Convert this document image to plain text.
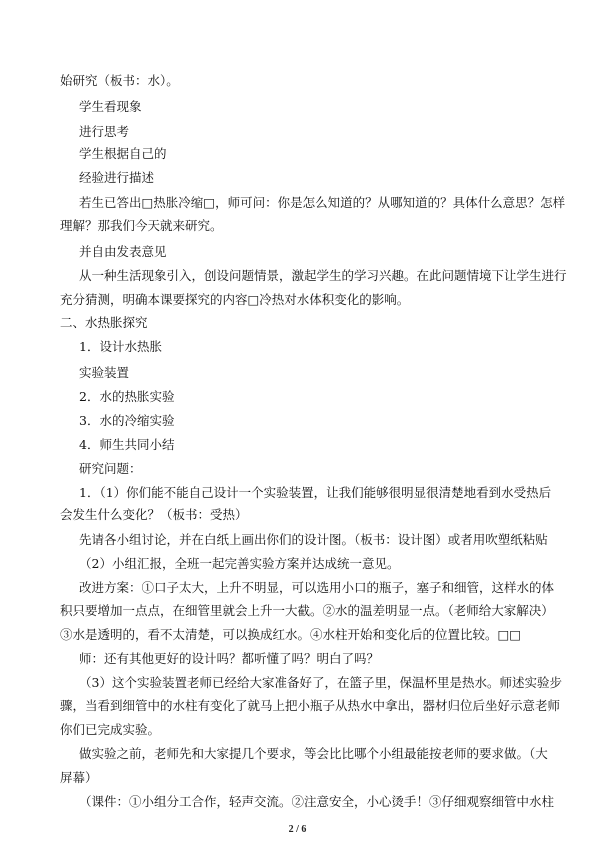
始研究（板书：水）。
学生看现象
进行思考
学生根据自己的
经验进行描述
若生已答出□热胀冷缩□，师可问：你是怎么知道的？从哪知道的？具体什么意思？怎样
理解？那我们今天就来研究。
并自由发表意见
从一种生活现象引入，创设问题情景，激起学生的学习兴趣。在此问题情境下让学生进行
充分猜测，明确本课要探究的内容□冷热对水体积变化的影响。
二、水热胀探究
1．设计水热胀
实验装置
2．水的热胀实验
3．水的冷缩实验
4．师生共同小结
研究问题：
1．（1）你们能不能自己设计一个实验装置，让我们能够很明显很清楚地看到水受热后
会发生什么变化？（板书：受热）
先请各小组讨论，并在白纸上画出你们的设计图。（板书：设计图）或者用吹塑纸粘贴
（2）小组汇报，全班一起完善实验方案并达成统一意见。
改进方案：①口子太大，上升不明显，可以选用小口的瓶子，塞子和细管，这样水的体
积只要增加一点点，在细管里就会上升一大截。②水的温差明显一点。（老师给大家解决）
③水是透明的，看不太清楚，可以换成红水。④水柱开始和变化后的位置比较。□□
师：还有其他更好的设计吗？都听懂了吗？明白了吗？
（3）这个实验装置老师已经给大家准备好了，在篮子里，保温杯里是热水。师述实验步
骤，当看到细管中的水柱有变化了就马上把小瓶子从热水中拿出，器材归位后坐好示意老师
你们已完成实验。
做实验之前，老师先和大家提几个要求，等会比比哪个小组最能按老师的要求做。（大
屏幕）
（课件：①小组分工合作，轻声交流。②注意安全，小心烫手！③仔细观察细管中水柱
2 / 6
